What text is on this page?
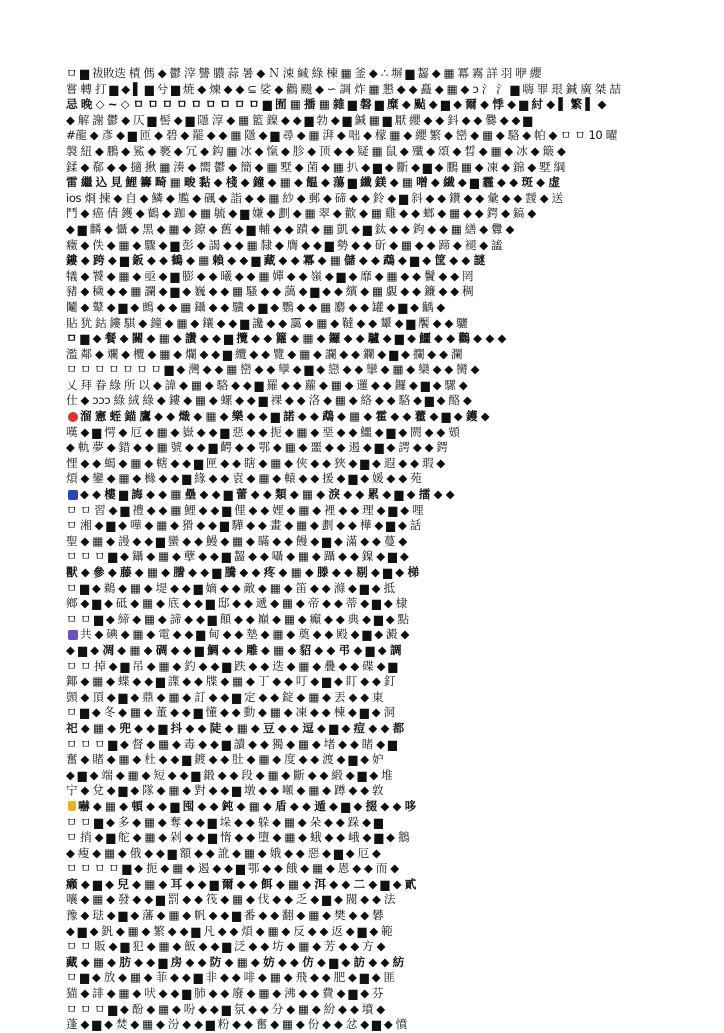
ㅁ ▆ 祓敗迭 樍 傌 ◆ 鬱 滓 讐 膿 蒜 暑 ◆ Ｎ 涑 緘 綠 棟 ▦ 釜 ◆ ∴ 塀 ▆ 齧 ◆ ▦ 冪 霧 詳 羽 咿 纓
嘗 轉 打 ▆ ◆ ▌ ▆ 兮 ▆ 焼 ◆ 煉 ◆ ◆ ⊆ 娑 ◆ 鸛 颺 ◆ ∽ 調 炸 ▦ 懇 ◆ ◆ 矗 ◆ ▦ ◆ ɔ 氵 氵 ▆ 嗨 罪 珢 鍼 廣 桀 喆
忌 晚 ◇ ~ ◇ ㅁ ㅁ ㅁ ㅁ ㅁ ㅁ ㅁ ㅁ ㅁ ▆ 囿 ▦ 播 ▦ 雜 ▆ 磐 ▆ 糜 ◆ 颭 ◆ ▆ ◆ 爾 ◆ 悸 ◆ ▆ 紂 ◆ ▌ 繁 ▌ ◆
◆ 解 謝 鬱 ◆ 仄 ▆ 髻 ◆ ▆ 隱 淳 ◆ ▦ 籃 鎳 ◆ ◆ ▆ 勃 ◆ ▆ 鍼 ▦ ▆ 厭 纓 ◆ ◆ 鈄 ◆ ◆ 爨 ◆ ◆ ▆
#龍 ◆ 彥 ◆ ▆ 匝 ◆ 碧 ◆ 罷 ◆ ◆ ▦ 隱 ◆ ▆ 尋 ◆ ▦ 湃 ◆ 咄 ◆ 檬 ▦ ◆ 纓 繁 ◆ 巒 ◆ ▦ ◆ 駱 ◆ 帕 ◆ ㅁ ㅁ 10 曜
褩 紐 ◆ 鵬 ◆ 鯊 ◆ 褻 ◆ 冗 ◆ 鈎 ▦ 冰 ◆ 愾 ◆ 胗 ◆ 顶 ◆ ◆ 疑 ▦ 鼠 ◆ 殲 ◆ 頌 ◆ 晳 ◆ ▦ ◆ 冰 ◆ 簸 ◆
鍒 ◆ 郗 ◆ ◆ 擿 揪 ▦ 湊 ◆ 嚮 鬱 ◆ 簡 ◆ ▦ 墅 ◆ 菌 ◆ ▦ 扒 ◆ ▆ ◆ 斷 ◆ ▆ ◆ 鵬 ▦ ◆ 凍 ◆ 錦 ◆ 墅 綱
雷 繼 込 見 鯉 籌 畸 ▦ 畯 黏 ◆ 棧 ◆ 鐘 ◆ ▦ ◆ 饂 ◆ 蕩 ▆ 纖 鎂 ◆ ▦ 噌 ◆ 繊 ◆ ▆ 霾 ◆ ◆ 斑 ◆ 虚
ios 烱 揀 ◆ 自 ◆ 鱗 ◆ 尷 ◆ 碸 ◆ 詣 ◆ ◆ ▦ 紗 ◆ 郵 ◆ 碲 ◆ ◆ 鈴 ◆ ▆ 斜 ◆ ◆ 鑽 ◆ ◆ 彙 ◆ ◆ 靉 ◆ 送
鬥 ◆ 癌 倩 鑊 ◆ 鶴 ◆ 跏 ◆ ▦ 毓 ◆ ▆ 嫌 ◆ 劃 ◆ ▦ 翠 ◆ 歡 ◆ ▦ 雞 ◆ ◆ 螂 ◆ ▦ ◆ ◆ 鍔 ◆ 鎬 ◆
◆ ▆ 麟 ◆ 懾 ◆ 黑 ◆ ▦ ◆ 鐐 ◆ 舊 ◆ ▆ 輔 ◆ ◆ 蹟 ◆ ▦ 凱 ◆ ▆ 鈦 ◆ ◆ 鉤 ◆ ◆ ▦ 繕 ◆ 釁 ◆
癥 ◆ 佚 ◆ ▦ ◆ 驟 ◆ ▆ 彭 ◆ 謁 ◆ ◆ ▦ 隸 ◆ 膺 ◆ ◆ ▆ 勢 ◆ ◆ 斫 ◆ ▦ ◆ ◆ 蹄 ◆ 褪 ◆ 謐
鏤 ◆ 跨 ◆ ▆ 鈑 ◆ ◆ 鶴 ◆ ▦ 賴 ◆ ◆ ▆ 藏 ◆ ◆ 冪 ◆ ▦ 儲 ◆ ◆ 鵡 ◆ ▆ ◆ 筐 ◆ ◆ 謎
犠 ◆ 饕 ◆ ▦ ◆ 亟 ◆ ▆ 膨 ◆ ◆ 曦 ◆ ◆ ▦ 嬋 ◆ ◆ 嶺 ◆ ▆ ◆ 靡 ◆ ▦ ◆ ◆ 鬢 ◆ ◆ 罔
豬 ◆ 穢 ◆ ◆ ▦ 讕 ◆ ▆ ◆ 巍 ◆ ◆ ▦ 騷 ◆ ◆ 藹 ◆ ▆ ◆ ◆ 繽 ◆ ▦ 覷 ◆ ◆ 鐮 ◆ ◆ 稠
鬮 ◆ 鼙 ◆ ▆ ◆ 鷓 ◆ ◆ ▦ 鑷 ◆ ◆ 驥 ◆ ▆ ◆ 鸚 ◆ ◆ ▦ 麝 ◆ ◆ 罐 ◆ ▆ ◆ 齲 ◆
貼 犹 鈷 鏤 騏 ◆ 鐘 ◆ ▦ ◆ 鑲 ◆ ◆ ▆ 讒 ◆ ◆ 靄 ◆ ▦ ◆ 韃 ◆ ◆ 顰 ◆ ▆ 饜 ◆ ◆ 驪
ㅁ ▆ ◆ 餐 ◆ 關 ◆ ▦ ◆ 讚 ◆ ◆ ▆ 攬 ◆ ◆ 籮 ◆ ▦ ◆ 鑼 ◆ ◆ 驢 ◆ ▆ ◆ 鱷 ◆ ◆ 鸛 ◆ ◆ ◆
濫 鄰 ◆ 斕 ◆ 欖 ◆ ▦ ◆ 爛 ◆ ◆ ▆ 纜 ◆ ◆ 覽 ◆ ▦ ◆ 讕 ◆ ◆ 鑭 ◆ ▆ ◆ 攔 ◆ ◆ 瀾
ㅁ ㅁ ㅁ ㅁ ㅁ ㅁ ㅁ ▆ ◆ 灣 ◆ ◆ ▦ 巒 ◆ ◆ 孿 ◆ ▆ ◆ 戀 ◆ ◆ 攣 ◆ ▦ ◆ 欒 ◆ ◆ 臠 ◆
乂 拜 眷 綠 所 以 ◆ 諱 ◆ ▦ ◆ 駱 ◆ ◆ ▆ 羅 ◆ ◆ 蘿 ◆ ▦ ◆ 邏 ◆ ◆ 鑼 ◆ ▆ ◆ 騾 ◆
仕 ◆ ɔɔɔ 綠 絨 綠 ◆ 鏤 ◆ ▦ ◆ 螺 ◆ ◆ ▆ 裸 ◆ ◆ 洛 ◆ ▦ ◆ 絡 ◆ ◆ 駱 ◆ ▆ ◆ 酪 ◆
溜 憲 蛭 錨 鷹 ◆ ◆ 熾 ◆ ▦ ◆ 樂 ◆ ◆ ▆ 諾 ◆ ◆ 鵡 ◆ ▦ ◆ 霍 ◆ ◆ 藿 ◆ ▆ ◆ 鑊 ◆
嘆 ◆ ▆ 愕 ◆ 厄 ◆ ▦ ◆ 嶽 ◆ ◆ ▆ 惡 ◆ ◆ 扼 ◆ ▦ ◆ 堊 ◆ ◆ 鱷 ◆ ▆ ◆ 閼 ◆ ◆ 頞
◆ 軌 夢 ◆ 錯 ◆ ◆ ▦ 號 ◆ ◆ ▆ 齶 ◆ ◆ 鄂 ◆ ▦ ◆ 噩 ◆ ◆ 遏 ◆ ▆ ◆ 諤 ◆ ◆ 鍔
悝 ◆ ◆ 蝎 ◆ ▦ ◆ 轄 ◆ ◆ ▆ 匣 ◆ ◆ 瞎 ◆ ▦ ◆ 俠 ◆ ◆ 狹 ◆ ▆ ◆ 遐 ◆ ◆ 瑕 ◆
煩 ◆ 鑾 ◆ ▦ ◆ 櫞 ◆ ◆ ▆ 緣 ◆ ◆ 袁 ◆ ▦ ◆ 轅 ◆ ◆ 援 ◆ ▆ ◆ 媛 ◆ ◆ 苑
◆ ◆ 樓 ▆ 誨 ◆ ◆ ▦ 壘 ◆ ◆ ▆ 蕾 ◆ ◆ 類 ◆ ▦ ◆ 淚 ◆ ◆ 累 ◆ ▆ ◆ 擂 ◆ ◆
ㅁ ㅁ 習 ◆ ▆ 禮 ◆ ◆ ▦ 鯉 ◆ ◆ ▆ 俚 ◆ ◆ 娌 ◆ ▦ ◆ 裡 ◆ ◆ 理 ◆ ▆ ◆ 哩
ㅁ 湘 ◆ ▆ ◆ 嘩 ◆ ▦ ◆ 猾 ◆ ◆ ▆ 驊 ◆ ◆ 畫 ◆ ▦ ◆ 劃 ◆ ◆ 樺 ◆ ▆ ◆ 話
聖 ◆ ▦ ◆ 謾 ◆ ◆ ▆ 蠻 ◆ ◆ 鰻 ◆ ▦ ◆ 瞞 ◆ ◆ 饅 ◆ ▆ ◆ 滿 ◆ ◆ 蔓 ◆
ㅁ ㅁ ㅁ ▆ ◆ 鑷 ◆ ▦ ◆ 孽 ◆ ◆ ▆ 齧 ◆ ◆ 囁 ◆ ▦ ◆ 躡 ◆ ◆ 鎳 ◆ ▆ ◆
獸 ◆ 參 ◆ 藤 ◆ ▦ ◆ 謄 ◆ ◆ ▆ 騰 ◆ ◆ 疼 ◆ ▦ ◆ 滕 ◆ ◆ 剔 ◆ ▆ ◆ 梯
ㅁ ▆ ◆ 鵜 ◆ ▦ ◆ 堤 ◆ ◆ ▆ 嫡 ◆ ◆ 敵 ◆ ▦ ◆ 笛 ◆ ◆ 滌 ◆ ▆ ◆ 抵
鄉 ◆ ▆ ◆ 砥 ◆ ▦ ◆ 底 ◆ ◆ ▆ 邸 ◆ ◆ 遞 ◆ ▦ ◆ 帝 ◆ ◆ 蒂 ◆ ▆ ◆ 棣
ㅁ ㅁ ▆ ◆ 締 ◆ ▦ ◆ 諦 ◆ ◆ ▆ 顛 ◆ ◆ 巔 ◆ ▦ ◆ 癲 ◆ ◆ 典 ◆ ▆ ◆ 點
共 ◆ 碘 ◆ ▦ ◆ 電 ◆ ◆ ▆ 甸 ◆ ◆ 墊 ◆ ▦ ◆ 奠 ◆ ◆ 殿 ◆ ▆ ◆ 澱 ◆
◆ ▆ ◆ 凋 ◆ ▦ ◆ 碉 ◆ ◆ ▆ 鯛 ◆ ◆ 雕 ◆ ▦ ◆ 貂 ◆ ◆ 弔 ◆ ▆ ◆ 調
ㅁ ㅁ 掉 ◆ ▆ 吊 ◆ ▦ ◆ 釣 ◆ ◆ ▆ 跌 ◆ ◆ 迭 ◆ ▦ ◆ 疊 ◆ ◆ 碟 ◆ ▆
鎁 ◆ ▦ ◆ 蝶 ◆ ◆ ▆ 諜 ◆ ◆ 牒 ◆ ▦ ◆ 丁 ◆ ◆ 叮 ◆ ▆ ◆ 盯 ◆ ◆ 釘
顗 ◆ 頂 ◆ ▆ ◆ 鼎 ◆ ▦ ◆ 訂 ◆ ◆ ▆ 定 ◆ ◆ 錠 ◆ ▦ ◆ 丟 ◆ ◆ 東
ㅁ ▆ ◆ 冬 ◆ ▦ ◆ 董 ◆ ◆ ▆ 懂 ◆ ◆ 動 ◆ ▦ ◆ 凍 ◆ ◆ 棟 ◆ ▆ ◆ 洞
祀 ◆ ▦ ◆ 兜 ◆ ◆ ▆ 抖 ◆ ◆ 陡 ◆ ▦ ◆ 豆 ◆ ◆ 逗 ◆ ▆ ◆ 痘 ◆ ◆ 都
ㅁ ㅁ ㅁ ▆ ◆ 督 ◆ ▦ ◆ 毒 ◆ ◆ ▆ 讀 ◆ ◆ 獨 ◆ ▦ ◆ 堵 ◆ ◆ 睹 ◆ ▆
奮 ◆ 賭 ◆ ▦ ◆ 杜 ◆ ◆ ▆ 鍍 ◆ ◆ 肚 ◆ ▦ ◆ 度 ◆ ◆ 渡 ◆ ▆ ◆ 妒
◆ ▆ ◆ 端 ◆ ▦ ◆ 短 ◆ ◆ ▆ 鍛 ◆ ◆ 段 ◆ ▦ ◆ 斷 ◆ ◆ 緞 ◆ ▆ ◆ 堆
宁 ◆ 兌 ◆ ▆ ◆ 隊 ◆ ▦ ◆ 對 ◆ ◆ ▆ 墩 ◆ ◆ 噸 ◆ ▦ ◆ 蹲 ◆ ◆ 敦
嚇 ◆ ▦ ◆ 頓 ◆ ◆ ▆ 囤 ◆ ◆ 鈍 ◆ ▦ ◆ 盾 ◆ ◆ 遁 ◆ ▆ ◆ 掇 ◆ ◆ 哆
ㅁ ㅁ ▆ ◆ 多 ◆ ▦ ◆ 奪 ◆ ◆ ▆ 垛 ◆ ◆ 躲 ◆ ▦ ◆ 朵 ◆ ◆ 跺 ◆ ▆
ㅁ 捎 ◆ ▆ 舵 ◆ ▦ ◆ 剁 ◆ ◆ ▆ 惰 ◆ ◆ 墮 ◆ ▦ ◆ 蛾 ◆ ◆ 峨 ◆ ▆ ◆ 鵝
◆ 瘦 ◆ ▦ ◆ 俄 ◆ ◆ ▆ 額 ◆ ◆ 訛 ◆ ▦ ◆ 娥 ◆ ◆ 惡 ◆ ▆ ◆ 厄 ◆
ㅁ ㅁ ㅁ ㅁ ▆ ◆ 扼 ◆ ▦ ◆ 遏 ◆ ◆ ▆ 鄂 ◆ ◆ 餓 ◆ ▦ ◆ 恩 ◆ ◆ 而 ◆
癩 ◆ ▆ ◆ 兒 ◆ ▦ ◆ 耳 ◆ ◆ ▆ 爾 ◆ ◆ 餌 ◆ ▦ ◆ 洱 ◆ ◆ 二 ◆ ▆ ◆ 貳
嚷 ◆ ▦ ◆ 發 ◆ ◆ ▆ 罰 ◆ ◆ 筏 ◆ ▦ ◆ 伐 ◆ ◆ 乏 ◆ ▆ ◆ 閥 ◆ ◆ 法
豫 ◆ 琺 ◆ ▆ ◆ 藩 ◆ ▦ ◆ 帆 ◆ ◆ ▆ 番 ◆ ◆ 翻 ◆ ▦ ◆ 樊 ◆ ◆ 礬
◆ ▆ ◆ 釩 ◆ ▦ ◆ 繁 ◆ ◆ ▆ 凡 ◆ ◆ 煩 ◆ ▦ ◆ 反 ◆ ◆ 返 ◆ ▆ ◆ 範
ㅁ ㅁ 販 ◆ ▆ 犯 ◆ ▦ ◆ 飯 ◆ ◆ ▆ 泛 ◆ ◆ 坊 ◆ ▦ ◆ 芳 ◆ ◆ 方 ◆
藏 ◆ ▦ ◆ 肪 ◆ ◆ ▆ 房 ◆ ◆ 防 ◆ ▦ ◆ 妨 ◆ ◆ 仿 ◆ ▆ ◆ 訪 ◆ ◆ 紡
ㅁ ▆ ◆ 放 ◆ ▦ ◆ 菲 ◆ ◆ ▆ 非 ◆ ◆ 啡 ◆ ▦ ◆ 飛 ◆ ◆ 肥 ◆ ▆ ◆ 匪
猫 ◆ 誹 ◆ ▦ ◆ 吠 ◆ ◆ ▆ 肺 ◆ ◆ 廢 ◆ ▦ ◆ 沸 ◆ ◆ 費 ◆ ▆ ◆ 芬
ㅁ ㅁ ㅁ ▆ ◆ 酚 ◆ ▦ ◆ 吩 ◆ ◆ ▆ 氛 ◆ ◆ 分 ◆ ▦ ◆ 紛 ◆ ◆ 墳 ◆
蓬 ◆ ▆ ◆ 焚 ◆ ▦ ◆ 汾 ◆ ◆ ▆ 粉 ◆ ◆ 奮 ◆ ▦ ◆ 份 ◆ ◆ 忿 ◆ ▆ ◆ 憤
